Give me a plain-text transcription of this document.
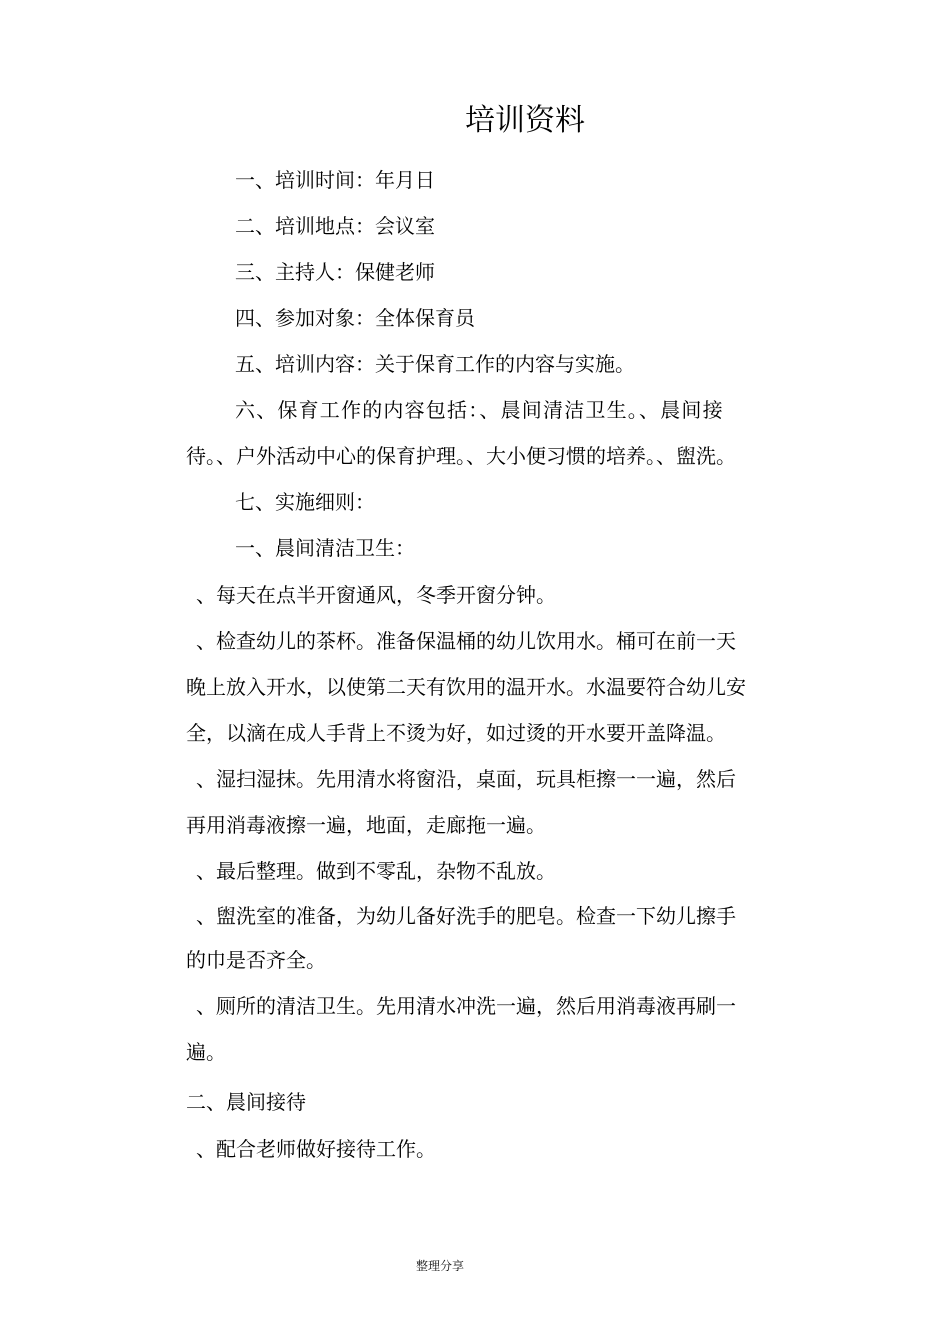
培训资料

一、培训时间：年月日

二、培训地点：会议室

三、主持人：保健老师

四、参加对象：全体保育员

五、培训内容：关于保育工作的内容与实施。

六、保育工作的内容包括：、晨间清洁卫生。、晨间接

待。、户外活动中心的保育护理。、大小便习惯的培养。、盥洗。

七、实施细则：

一、晨间清洁卫生：

、每天在点半开窗通风，冬季开窗分钟。

、检查幼儿的茶杯。准备保温桶的幼儿饮用水。桶可在前一天

晚上放入开水，以使第二天有饮用的温开水。水温要符合幼儿安

全，以滴在成人手背上不烫为好，如过烫的开水要开盖降温。

、湿扫湿抹。先用清水将窗沿，桌面，玩具柜擦一一遍，然后

再用消毒液擦一遍，地面，走廊拖一遍。

、最后整理。做到不零乱，杂物不乱放。

、盥洗室的准备，为幼儿备好洗手的肥皂。检查一下幼儿擦手

的巾是否齐全。

、厕所的清洁卫生。先用清水冲洗一遍，然后用消毒液再刷一

遍。

二、晨间接待

、配合老师做好接待工作。

整理分享
